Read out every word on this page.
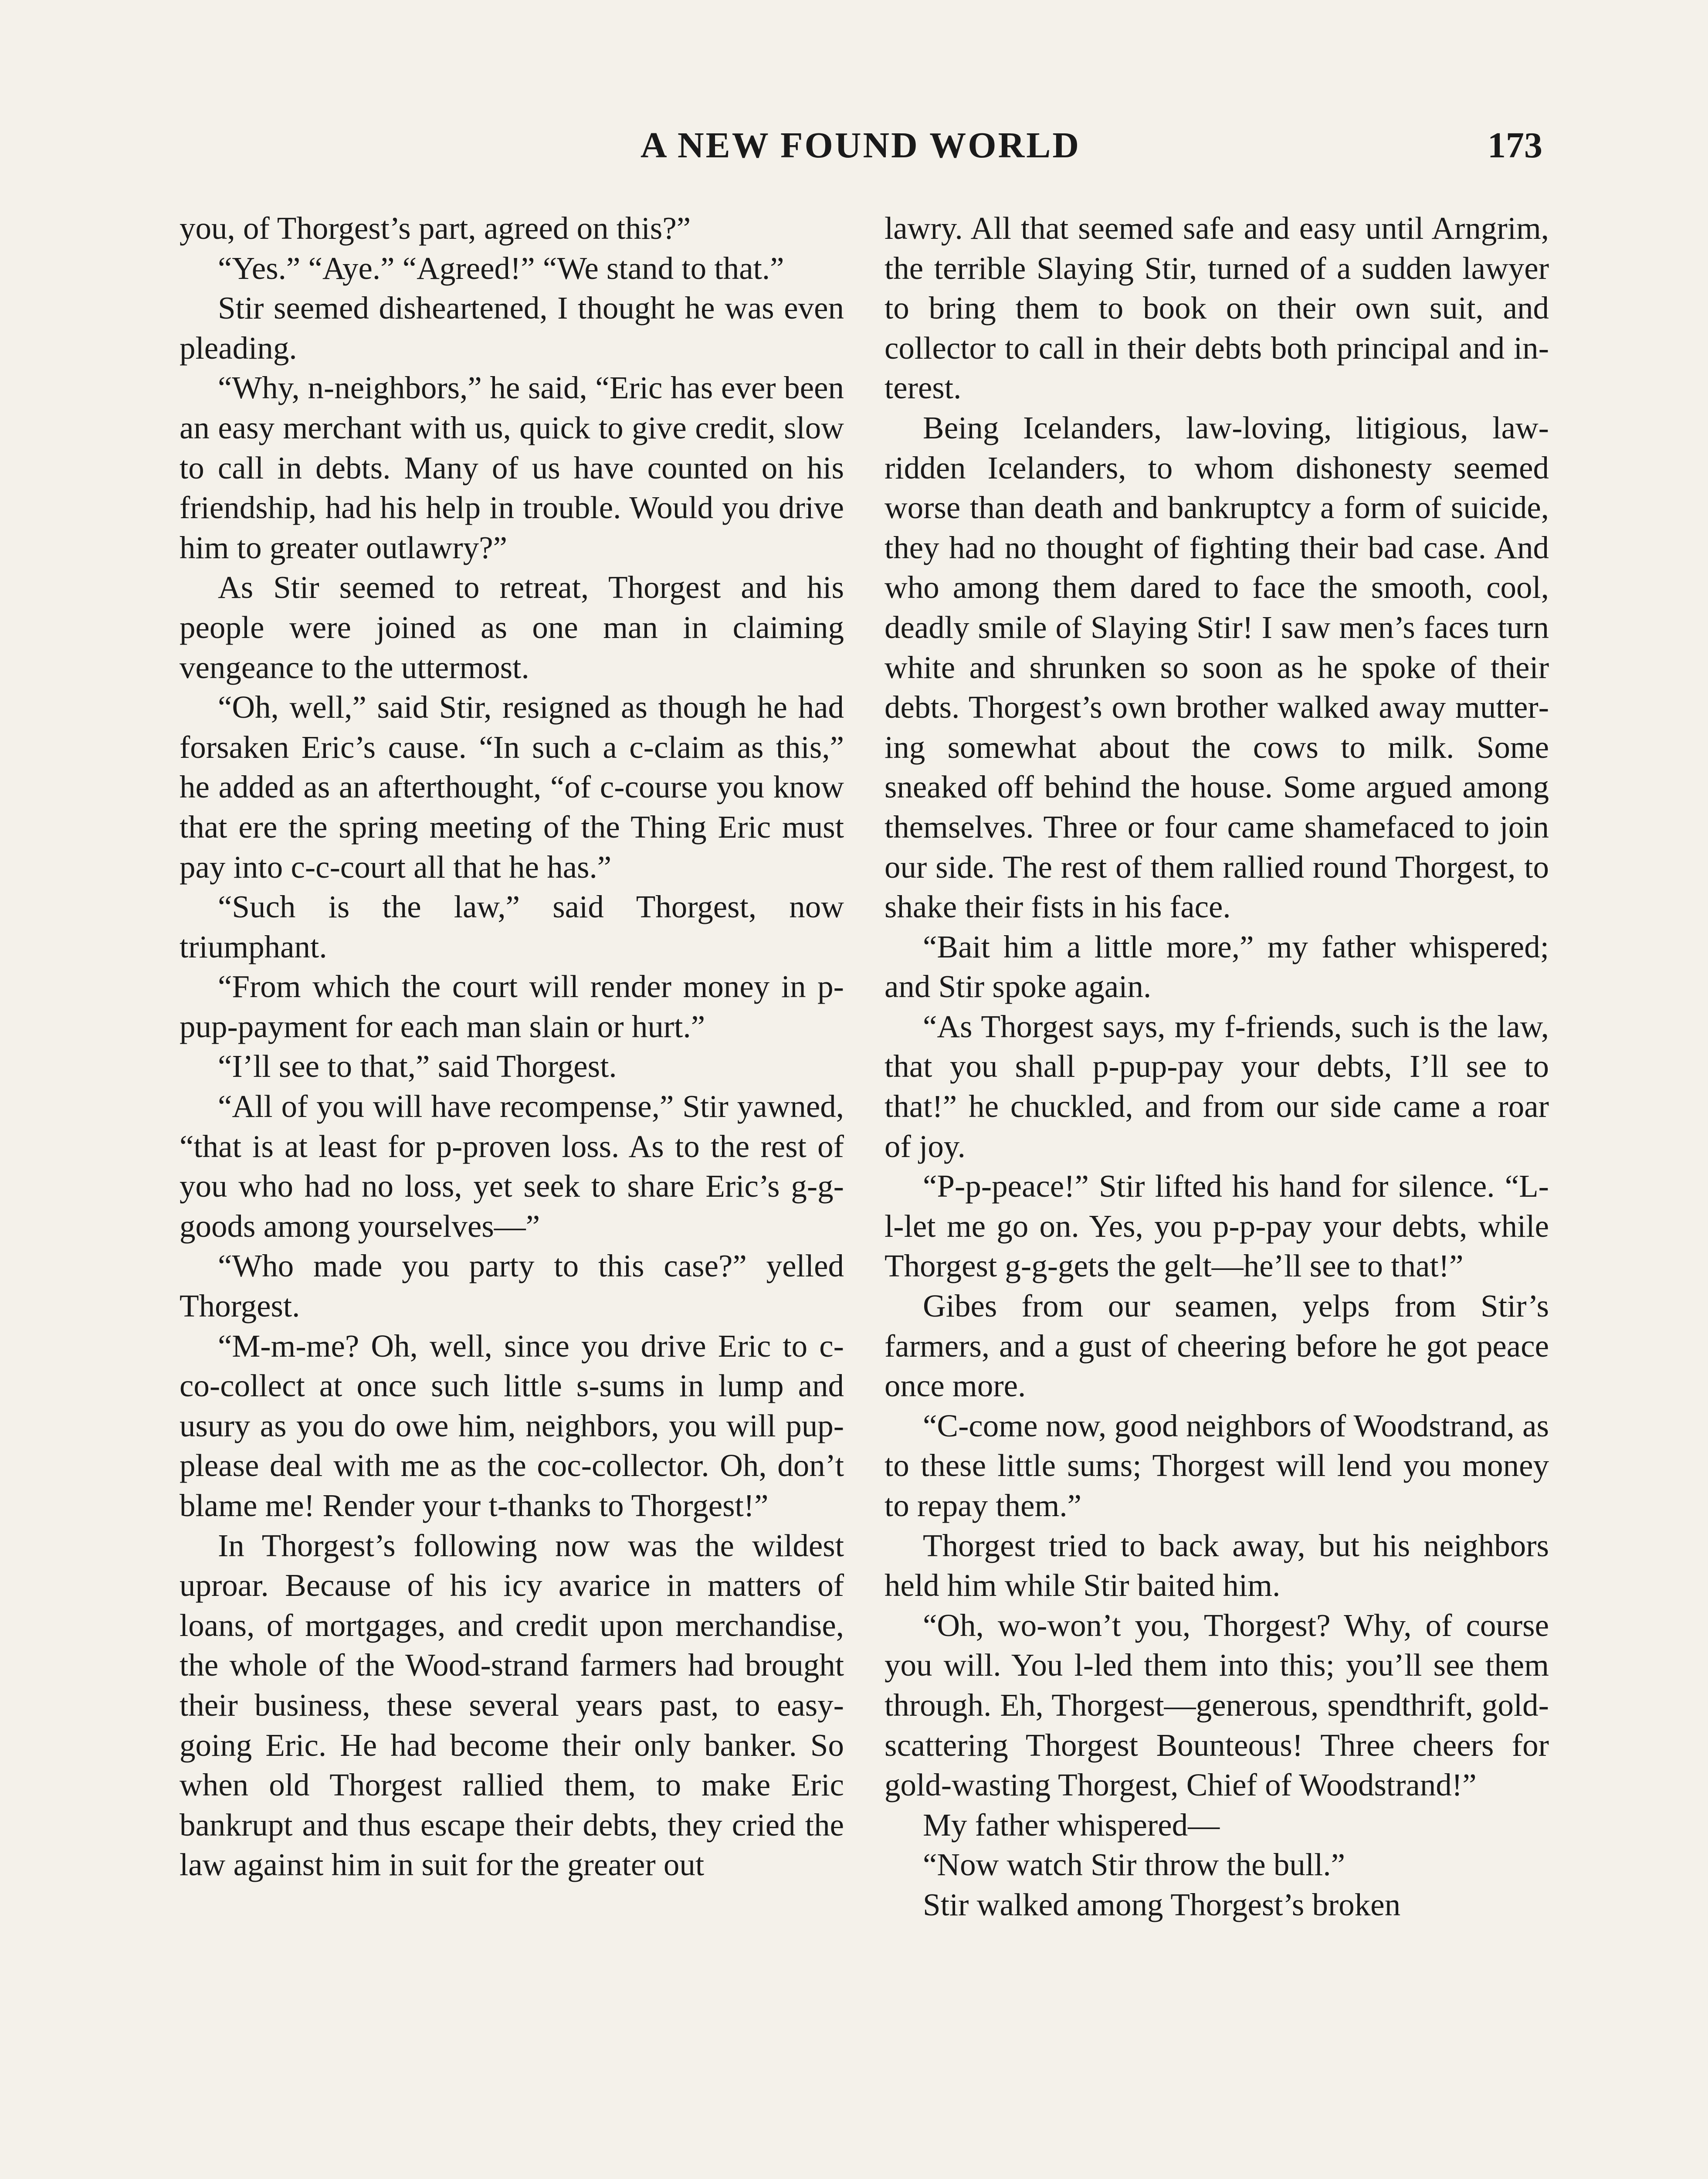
A NEW FOUND WORLD	173

you, of Thorgest’s part, agreed on this?”

“Yes.” “Aye.” “Agreed!” “We stand to that.”

Stir seemed disheartened, I thought he was even pleading.

“Why, n-neighbors,” he said, “Eric has ever been an easy merchant with us, quick to give credit, slow to call in debts. Many of us have counted on his friendship, had his help in trouble. Would you drive him to greater outlawry?”

As Stir seemed to retreat, Thorgest and his people were joined as one man in claiming vengeance to the uttermost.

“Oh, well,” said Stir, resigned as though he had forsaken Eric’s cause. “In such a c-claim as this,” he added as an afterthought, “of c-course you know that ere the spring meeting of the Thing Eric must pay into c-c-court all that he has.”

“Such is the law,” said Thorgest, now triumphant.

“From which the court will render money in p-pup-payment for each man slain or hurt.”

“I’ll see to that,” said Thorgest.

“All of you will have recompense,” Stir yawned, “that is at least for p-proven loss. As to the rest of you who had no loss, yet seek to share Eric’s g-g-goods among yourselves—”

“Who made you party to this case?” yelled Thorgest.

“M-m-me? Oh, well, since you drive Eric to c-co-collect at once such little s-sums in lump and usury as you do owe him, neighbors, you will pup-please deal with me as the coc-collector. Oh, don’t blame me! Render your t-thanks to Thorgest!”

In Thorgest’s following now was the wildest uproar. Because of his icy avarice in matters of loans, of mortgages, and credit upon merchandise, the whole of the Wood-strand farmers had brought their business, these several years past, to easy-going Eric. He had become their only banker. So when old Thorgest rallied them, to make Eric bankrupt and thus escape their debts, they cried the law against him in suit for the greater out

lawry. All that seemed safe and easy until Arngrim, the terrible Slaying Stir, turned of a sudden lawyer to bring them to book on their own suit, and collector to call in their debts both principal and interest.

Being Icelanders, law-loving, litigious, law-ridden Icelanders, to whom dishonesty seemed worse than death and bankruptcy a form of suicide, they had no thought of fighting their bad case. And who among them dared to face the smooth, cool, deadly smile of Slaying Stir! I saw men’s faces turn white and shrunken so soon as he spoke of their debts. Thorgest’s own brother walked away muttering somewhat about the cows to milk. Some sneaked off behind the house. Some argued among themselves. Three or four came shamefaced to join our side. The rest of them rallied round Thorgest, to shake their fists in his face.

“Bait him a little more,” my father whispered; and Stir spoke again.

“As Thorgest says, my f-friends, such is the law, that you shall p-pup-pay your debts, I’ll see to that!” he chuckled, and from our side came a roar of joy.

“P-p-peace!” Stir lifted his hand for silence. “L-l-let me go on. Yes, you p-p-pay your debts, while Thorgest g-g-gets the gelt—he’ll see to that!”

Gibes from our seamen, yelps from Stir’s farmers, and a gust of cheering before he got peace once more.

“C-come now, good neighbors of Woodstrand, as to these little sums; Thorgest will lend you money to repay them.”

Thorgest tried to back away, but his neighbors held him while Stir baited him.

“Oh, wo-won’t you, Thorgest? Why, of course you will. You l-led them into this; you’ll see them through. Eh, Thorgest—generous, spendthrift, gold-scattering Thorgest Bounteous! Three cheers for gold-wasting Thorgest, Chief of Woodstrand!”

My father whispered—

“Now watch Stir throw the bull.”

Stir walked among Thorgest’s broken
